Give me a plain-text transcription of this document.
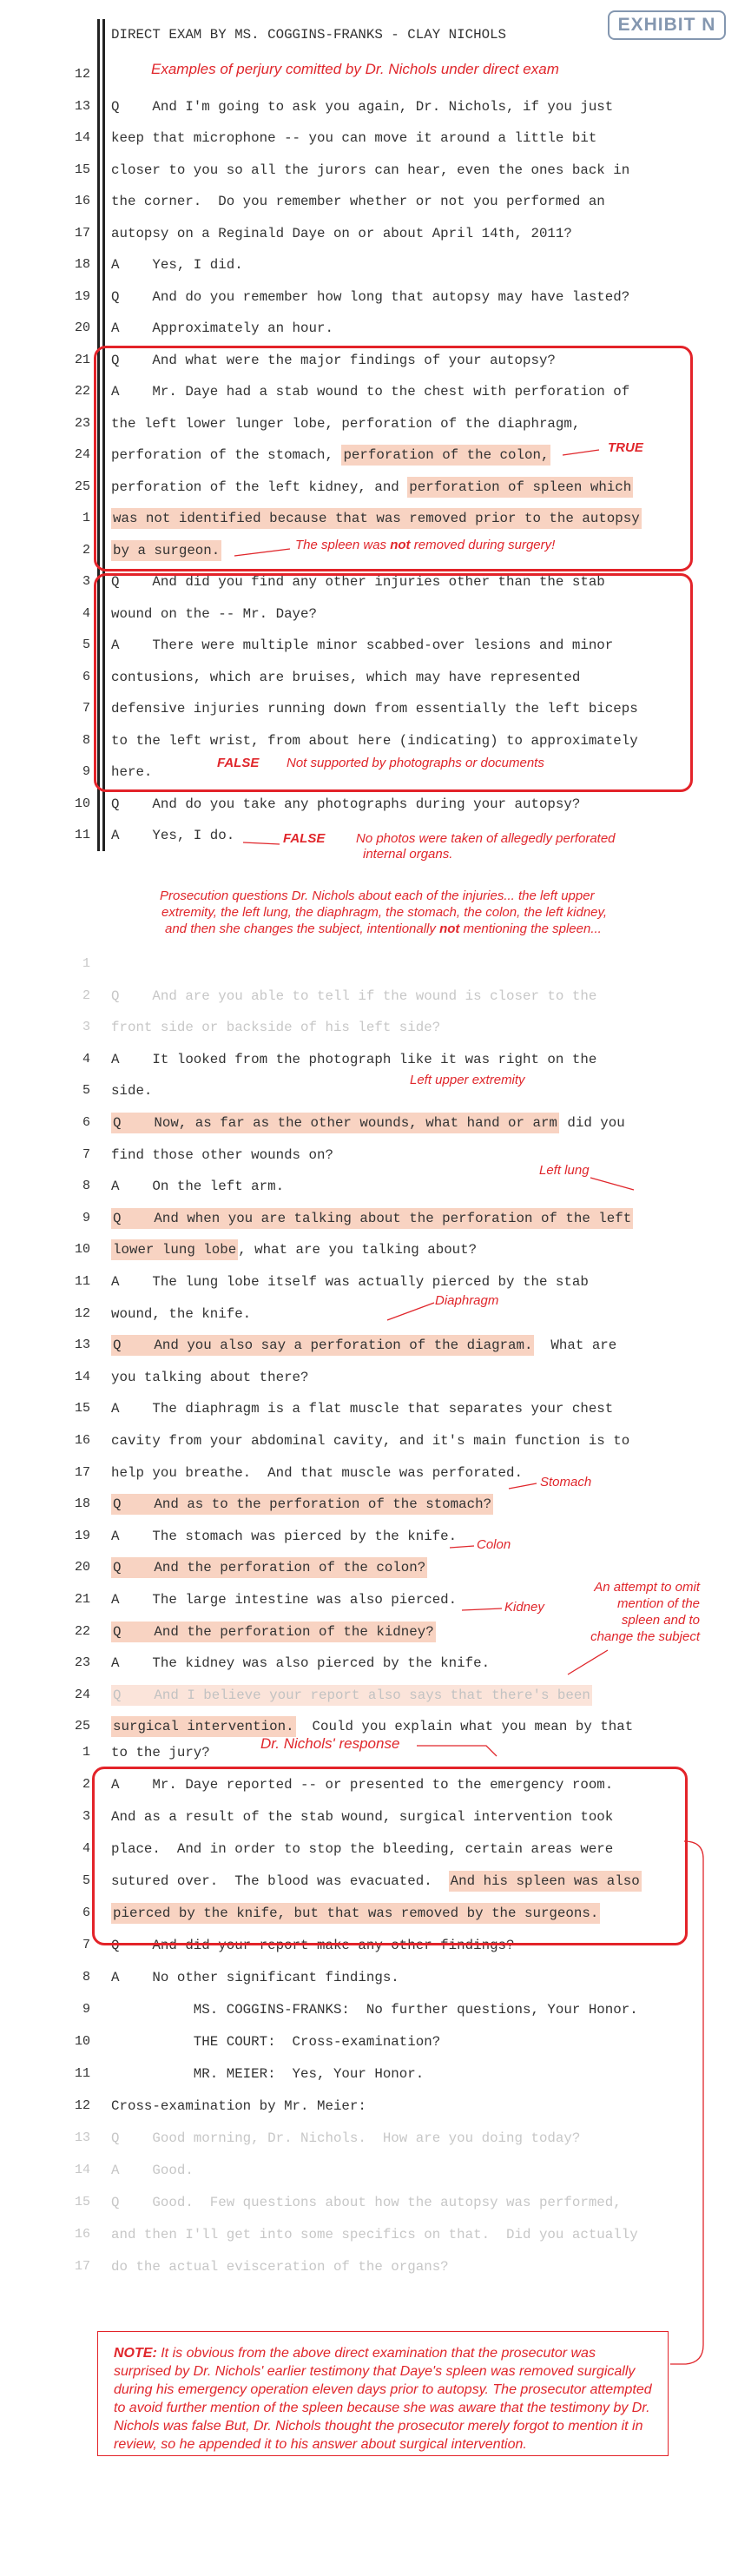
EXHIBIT N
DIRECT EXAM BY MS. COGGINS-FRANKS - CLAY NICHOLS
Examples of perjury comitted by Dr. Nichols under direct exam
12
13 Q    And I'm going to ask you again, Dr. Nichols, if you just
14 keep that microphone -- you can move it around a little bit
15 closer to you so all the jurors can hear, even the ones back in
16 the corner.  Do you remember whether or not you performed an
17 autopsy on a Reginald Daye on or about April 14th, 2011?
18 A    Yes, I did.
19 Q    And do you remember how long that autopsy may have lasted?
20 A    Approximately an hour.
21 Q    And what were the major findings of your autopsy?
22 A    Mr. Daye had a stab wound to the chest with perforation of
23 the left lower lunger lobe, perforation of the diaphragm,
24 perforation of the stomach, perforation of the colon,
25 perforation of the left kidney, and perforation of spleen which
1 was not identified because that was removed prior to the autopsy
2 by a surgeon.
3 Q    And did you find any other injuries other than the stab
4 wound on the -- Mr. Daye?
5 A    There were multiple minor scabbed-over lesions and minor
6 contusions, which are bruises, which may have represented
7 defensive injuries running down from essentially the left biceps
8 to the left wrist, from about here (indicating) to approximately
9 here.
10 Q    And do you take any photographs during your autopsy?
11 A    Yes, I do.
1
2 Q    And are you able to tell if the wound is closer to the
3 front side or backside of his left side?
4 A    It looked from the photograph like it was right on the
5 side.
6 Q    Now, as far as the other wounds, what hand or arm did you
7 find those other wounds on?
8 A    On the left arm.
9 Q    And when you are talking about the perforation of the left
10 lower lung lobe , what are you talking about?
11 A    The lung lobe itself was actually pierced by the stab
12 wound, the knife.
13 Q    And you also say a perforation of the diagram.  What are
14 you talking about there?
15 A    The diaphragm is a flat muscle that separates your chest
16 cavity from your abdominal cavity, and it's main function is to
17 help you breathe.  And that muscle was perforated.
18 Q    And as to the perforation of the stomach?
19 A    The stomach was pierced by the knife.
20 Q    And the perforation of the colon?
21 A    The large intestine was also pierced.
22 Q    And the perforation of the kidney?
23 A    The kidney was also pierced by the knife.
24 Q    And I believe your report also says that there's been
25 surgical intervention.  Could you explain what you mean by that
1 to the jury?
2 A    Mr. Daye reported -- or presented to the emergency room.
3 And as a result of the stab wound, surgical intervention took
4 place.  And in order to stop the bleeding, certain areas were
5 sutured over.  The blood was evacuated.  And his spleen was also
6 pierced by the knife, but that was removed by the surgeons.
7 Q    And did your report make any other findings?
8 A    No other significant findings.
9 MS. COGGINS-FRANKS:  No further questions, Your Honor.
10 THE COURT:  Cross-examination?
11 MR. MEIER:  Yes, Your Honor.
12 Cross-examination by Mr. Meier:
13 Q    Good morning, Dr. Nichols.  How are you doing today?
14 A    Good.
15 Q    Good.  Few questions about how the autopsy was performed,
16 and then I'll get into some specifics on that.  Did you actually
17 do the actual evisceration of the organs?
TRUE
The spleen was not removed during surgery!
FALSE Not supported by photographs or documents
FALSE No photos were taken of allegedly perforated
internal organs.
Prosecution questions Dr. Nichols about each of the injuries... the left upper
extremity, the left lung, the diaphragm, the stomach, the colon, the left kidney,
and then she changes the subject, intentionally not mentioning the spleen...
Left upper extremity
Left lung
Diaphragm
Stomach
Colon
Kidney
An attempt to omit
mention of the
spleen and to
change the subject
Dr. Nichols' response
NOTE: It is obvious from the above direct examination that the prosecutor was surprised by Dr. Nichols' earlier testimony that Daye's spleen was removed surgically during his emergency operation eleven days prior to autopsy. The prosecutor attempted to avoid further mention of the spleen because she was aware that the testimony by Dr. Nichols was false But, Dr. Nichols thought the prosecutor merely forgot to mention it in review, so he appended it to his answer about surgical intervention.
